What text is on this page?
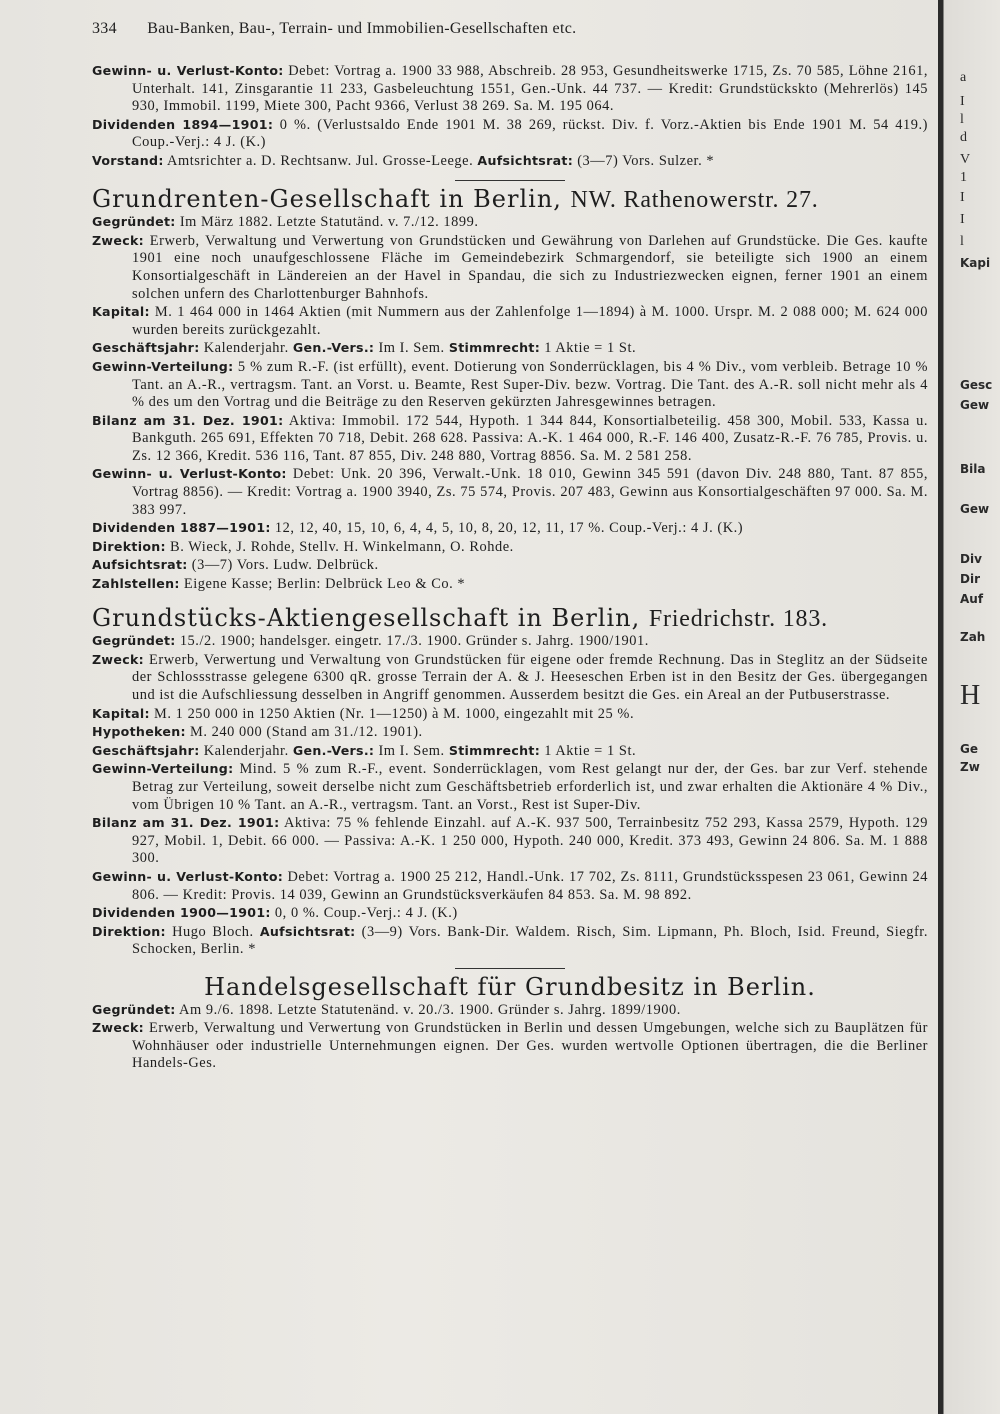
334 Bau-Banken, Bau-, Terrain- und Immobilien-Gesellschaften etc.

Gewinn- u. Verlust-Konto: Debet: Vortrag a. 1900 33 988, Abschreib. 28 953, Gesundheitswerke 1715, Zs. 70 585, Löhne 2161, Unterhalt. 141, Zinsgarantie 11 233, Gasbeleuchtung 1551, Gen.-Unk. 44 737. — Kredit: Grundstückskto (Mehrerlös) 145 930, Immobil. 1199, Miete 300, Pacht 9366, Verlust 38 269. Sa. M. 195 064.

Dividenden 1894—1901: 0 %. (Verlustsaldo Ende 1901 M. 38 269, rückst. Div. f. Vorz.-Aktien bis Ende 1901 M. 54 419.) Coup.-Verj.: 4 J. (K.)

Vorstand: Amtsrichter a. D. Rechtsanw. Jul. Grosse-Leege. Aufsichtsrat: (3—7) Vors. Sulzer. *

Grundrenten-Gesellschaft in Berlin, NW. Rathenowerstr. 27.

Gegründet: Im März 1882. Letzte Statutänd. v. 7./12. 1899.

Zweck: Erwerb, Verwaltung und Verwertung von Grundstücken und Gewährung von Darlehen auf Grundstücke. Die Ges. kaufte 1901 eine noch unaufgeschlossene Fläche im Gemeindebezirk Schmargendorf, sie beteiligte sich 1900 an einem Konsortialgeschäft in Ländereien an der Havel in Spandau, die sich zu Industriezwecken eignen, ferner 1901 an einem solchen unfern des Charlottenburger Bahnhofs.

Kapital: M. 1 464 000 in 1464 Aktien (mit Nummern aus der Zahlenfolge 1—1894) à M. 1000. Urspr. M. 2 088 000; M. 624 000 wurden bereits zurückgezahlt.

Geschäftsjahr: Kalenderjahr. Gen.-Vers.: Im I. Sem. Stimmrecht: 1 Aktie = 1 St.

Gewinn-Verteilung: 5 % zum R.-F. (ist erfüllt), event. Dotierung von Sonderrücklagen, bis 4 % Div., vom verbleib. Betrage 10 % Tant. an A.-R., vertragsm. Tant. an Vorst. u. Beamte, Rest Super-Div. bezw. Vortrag. Die Tant. des A.-R. soll nicht mehr als 4 % des um den Vortrag und die Beiträge zu den Reserven gekürzten Jahresgewinnes betragen.

Bilanz am 31. Dez. 1901: Aktiva: Immobil. 172 544, Hypoth. 1 344 844, Konsortialbeteilig. 458 300, Mobil. 533, Kassa u. Bankguth. 265 691, Effekten 70 718, Debit. 268 628. Passiva: A.-K. 1 464 000, R.-F. 146 400, Zusatz-R.-F. 76 785, Provis. u. Zs. 12 366, Kredit. 536 116, Tant. 87 855, Div. 248 880, Vortrag 8856. Sa. M. 2 581 258.

Gewinn- u. Verlust-Konto: Debet: Unk. 20 396, Verwalt.-Unk. 18 010, Gewinn 345 591 (davon Div. 248 880, Tant. 87 855, Vortrag 8856). — Kredit: Vortrag a. 1900 3940, Zs. 75 574, Provis. 207 483, Gewinn aus Konsortialgeschäften 97 000. Sa. M. 383 997.

Dividenden 1887—1901: 12, 12, 40, 15, 10, 6, 4, 4, 5, 10, 8, 20, 12, 11, 17 %. Coup.-Verj.: 4 J. (K.)

Direktion: B. Wieck, J. Rohde, Stellv. H. Winkelmann, O. Rohde.

Aufsichtsrat: (3—7) Vors. Ludw. Delbrück.

Zahlstellen: Eigene Kasse; Berlin: Delbrück Leo & Co. *

Grundstücks-Aktiengesellschaft in Berlin, Friedrichstr. 183.

Gegründet: 15./2. 1900; handelsger. eingetr. 17./3. 1900. Gründer s. Jahrg. 1900/1901.

Zweck: Erwerb, Verwertung und Verwaltung von Grundstücken für eigene oder fremde Rechnung. Das in Steglitz an der Südseite der Schlossstrasse gelegene 6300 qR. grosse Terrain der A. & J. Heeseschen Erben ist in den Besitz der Ges. übergegangen und ist die Aufschliessung desselben in Angriff genommen. Ausserdem besitzt die Ges. ein Areal an der Putbuserstrasse.

Kapital: M. 1 250 000 in 1250 Aktien (Nr. 1—1250) à M. 1000, eingezahlt mit 25 %.

Hypotheken: M. 240 000 (Stand am 31./12. 1901).

Geschäftsjahr: Kalenderjahr. Gen.-Vers.: Im I. Sem. Stimmrecht: 1 Aktie = 1 St.

Gewinn-Verteilung: Mind. 5 % zum R.-F., event. Sonderrücklagen, vom Rest gelangt nur der, der Ges. bar zur Verf. stehende Betrag zur Verteilung, soweit derselbe nicht zum Geschäftsbetrieb erforderlich ist, und zwar erhalten die Aktionäre 4 % Div., vom Übrigen 10 % Tant. an A.-R., vertragsm. Tant. an Vorst., Rest ist Super-Div.

Bilanz am 31. Dez. 1901: Aktiva: 75 % fehlende Einzahl. auf A.-K. 937 500, Terrainbesitz 752 293, Kassa 2579, Hypoth. 129 927, Mobil. 1, Debit. 66 000. — Passiva: A.-K. 1 250 000, Hypoth. 240 000, Kredit. 373 493, Gewinn 24 806. Sa. M. 1 888 300.

Gewinn- u. Verlust-Konto: Debet: Vortrag a. 1900 25 212, Handl.-Unk. 17 702, Zs. 8111, Grundstücksspesen 23 061, Gewinn 24 806. — Kredit: Provis. 14 039, Gewinn an Grundstücksverkäufen 84 853. Sa. M. 98 892.

Dividenden 1900—1901: 0, 0 %. Coup.-Verj.: 4 J. (K.)

Direktion: Hugo Bloch. Aufsichtsrat: (3—9) Vors. Bank-Dir. Waldem. Risch, Sim. Lipmann, Ph. Bloch, Isid. Freund, Siegfr. Schocken, Berlin. *

Handelsgesellschaft für Grundbesitz in Berlin.

Gegründet: Am 9./6. 1898. Letzte Statutenänd. v. 20./3. 1900. Gründer s. Jahrg. 1899/1900.

Zweck: Erwerb, Verwaltung und Verwertung von Grundstücken in Berlin und dessen Umgebungen, welche sich zu Bauplätzen für Wohnhäuser oder industrielle Unternehmungen eignen. Der Ges. wurden wertvolle Optionen übertragen, die die Berliner Handels-Ges.

a
I
l
d
V
1
I
I
l
Kapi
Gesc
Gew
Bila
Gew
Div
Dir
Auf
Zah
H
Ge
Zw
